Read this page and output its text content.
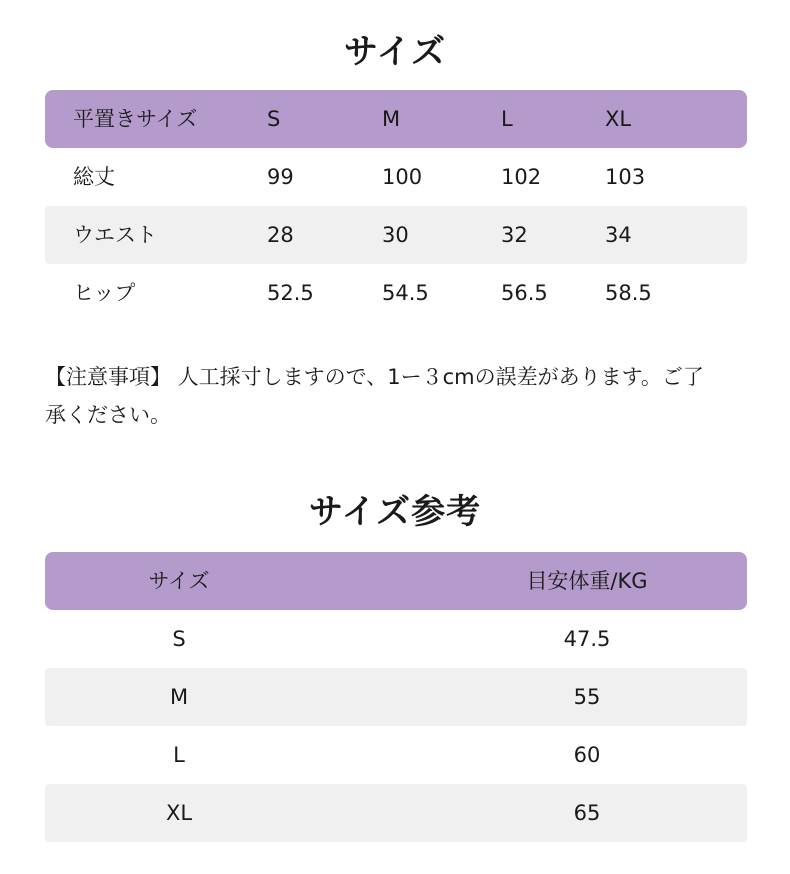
サイズ
平置きサイズ	S	M	L	XL
総丈	99	100	102	103
ウエスト	28	30	32	34
ヒップ	52.5	54.5	56.5	58.5

【注意事項】 人工採寸しますので、1ー３cmの誤差があります。ご了
承ください。

サイズ参考
サイズ	目安体重/KG
S	47.5
M	55
L	60
XL	65
